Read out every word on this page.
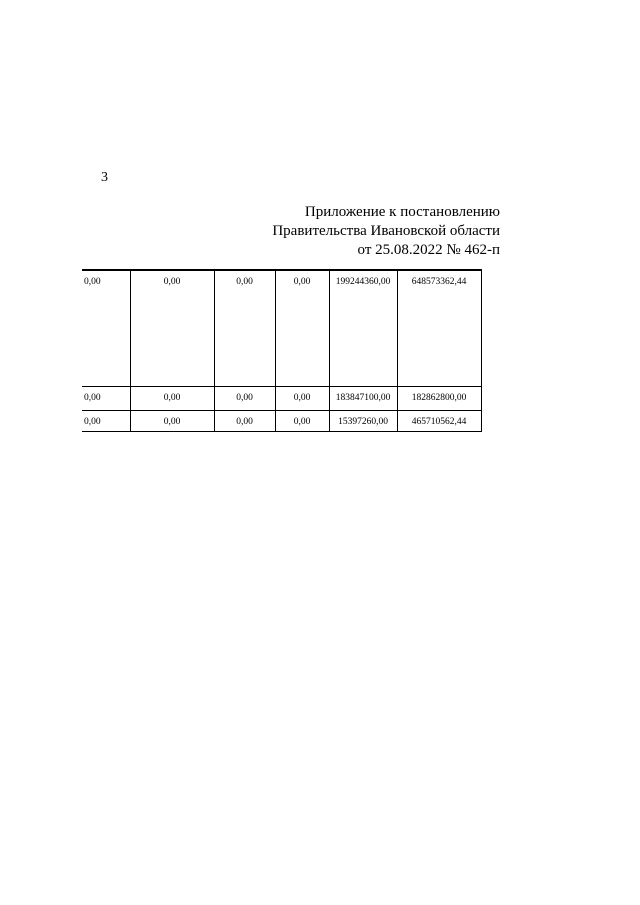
3
Приложение к постановлению
Правительства Ивановской области
от 25.08.2022 № 462-п
0,00	0,00	0,00	0,00	199244360,00	648573362,44
0,00	0,00	0,00	0,00	183847100,00	182862800,00
0,00	0,00	0,00	0,00	15397260,00	465710562,44
